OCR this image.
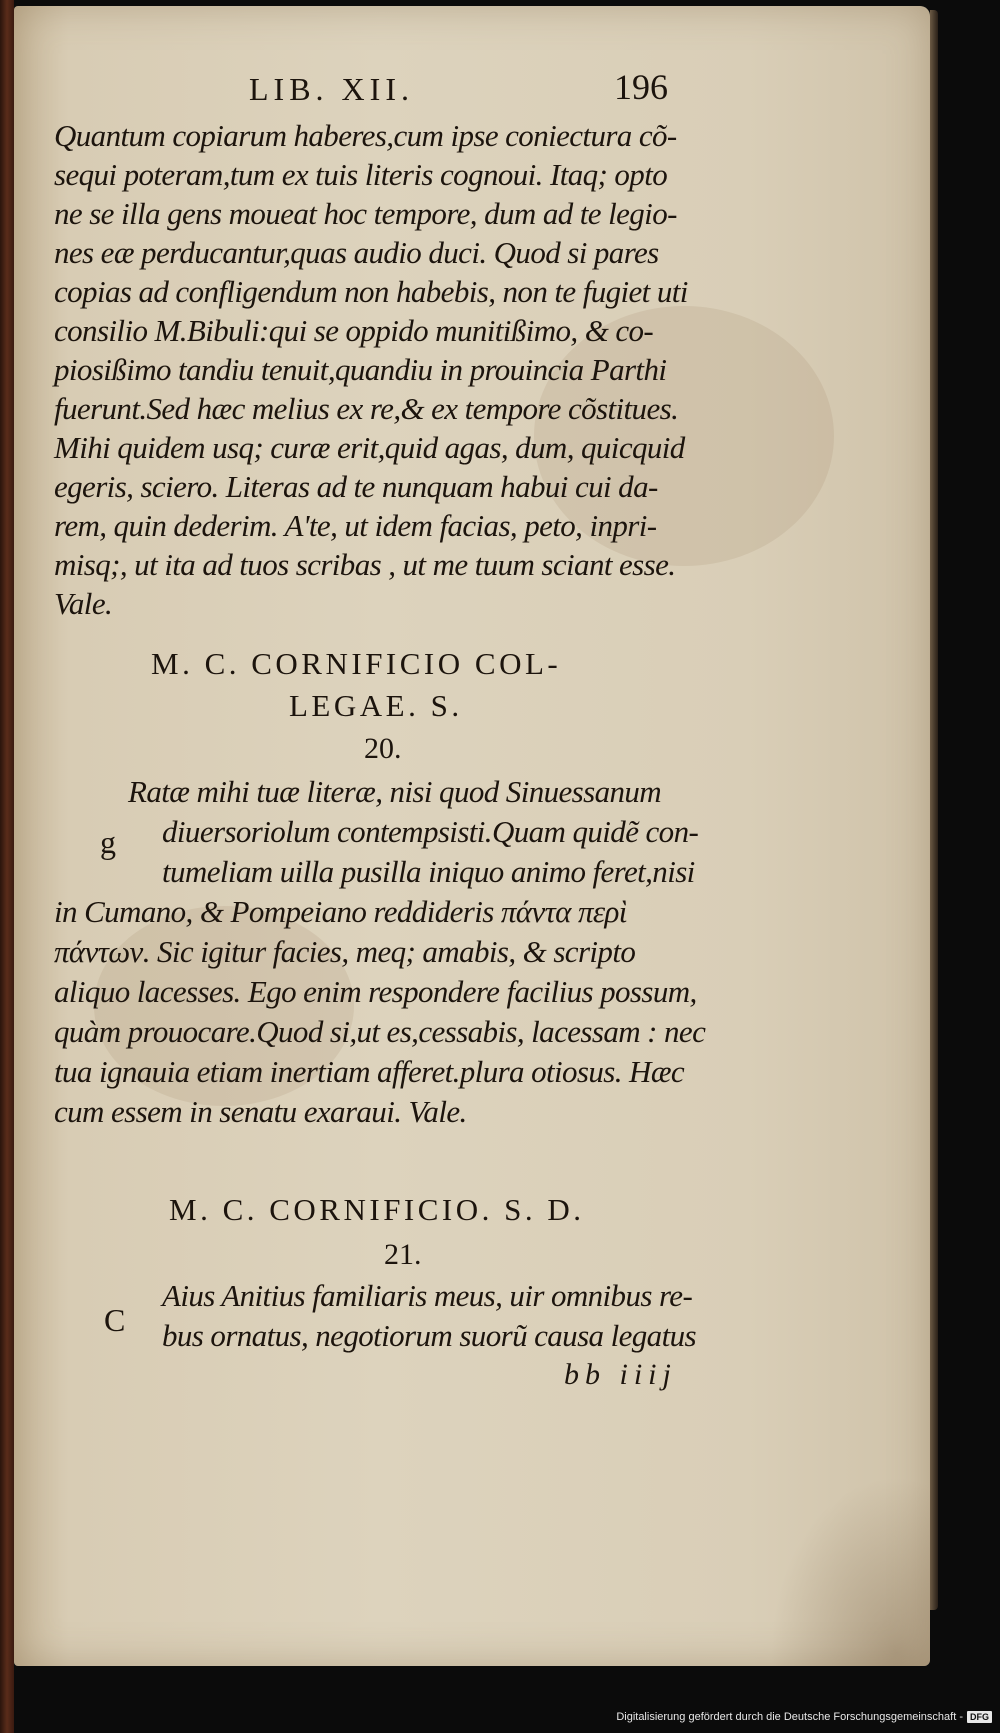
LIB. XII.	196
Quantum copiarum haberes,cum ipse coniectura cõ-
sequi poteram,tum ex tuis literis cognoui. Itaq; opto
ne se illa gens moueat hoc tempore, dum ad te legio-
nes eæ perducantur,quas audio duci. Quod si pares
copias ad confligendum non habebis, non te fugiet uti
consilio M.Bibuli:qui se oppido munitißimo, & co-
piosißimo tandiu tenuit,quandiu in prouincia Parthi
fuerunt.Sed hæc melius ex re,& ex tempore cõstitues.
Mihi quidem usq; curæ erit,quid agas, dum, quicquid
egeris, sciero. Literas ad te nunquam habui cui da-
rem, quin dederim. A'te, ut idem facias, peto, inpri-
misq;, ut ita ad tuos scribas , ut me tuum sciant esse.
Vale.
M. C. CORNIFICIO COL-
LEGAE. S.
20.
g
Ratæ mihi tuæ literæ, nisi quod Sinuessanum
diuersoriolum contempsisti.Quam quidẽ con-
tumeliam uilla pusilla iniquo animo feret,nisi
in Cumano, & Pompeiano reddideris πάντα περὶ
πάντων. Sic igitur facies, meq; amabis, & scripto
aliquo lacesses. Ego enim respondere facilius possum,
quàm prouocare.Quod si,ut es,cessabis, lacessam : nec
tua ignauia etiam inertiam afferet.plura otiosus. Hæc
cum essem in senatu exaraui. Vale.
M. C. CORNIFICIO. S. D.
21.
C
Aius Anitius familiaris meus, uir omnibus re-
bus ornatus, negotiorum suorũ causa legatus
bb iiij
Digitalisierung gefördert durch die Deutsche Forschungsgemeinschaft - DFG
